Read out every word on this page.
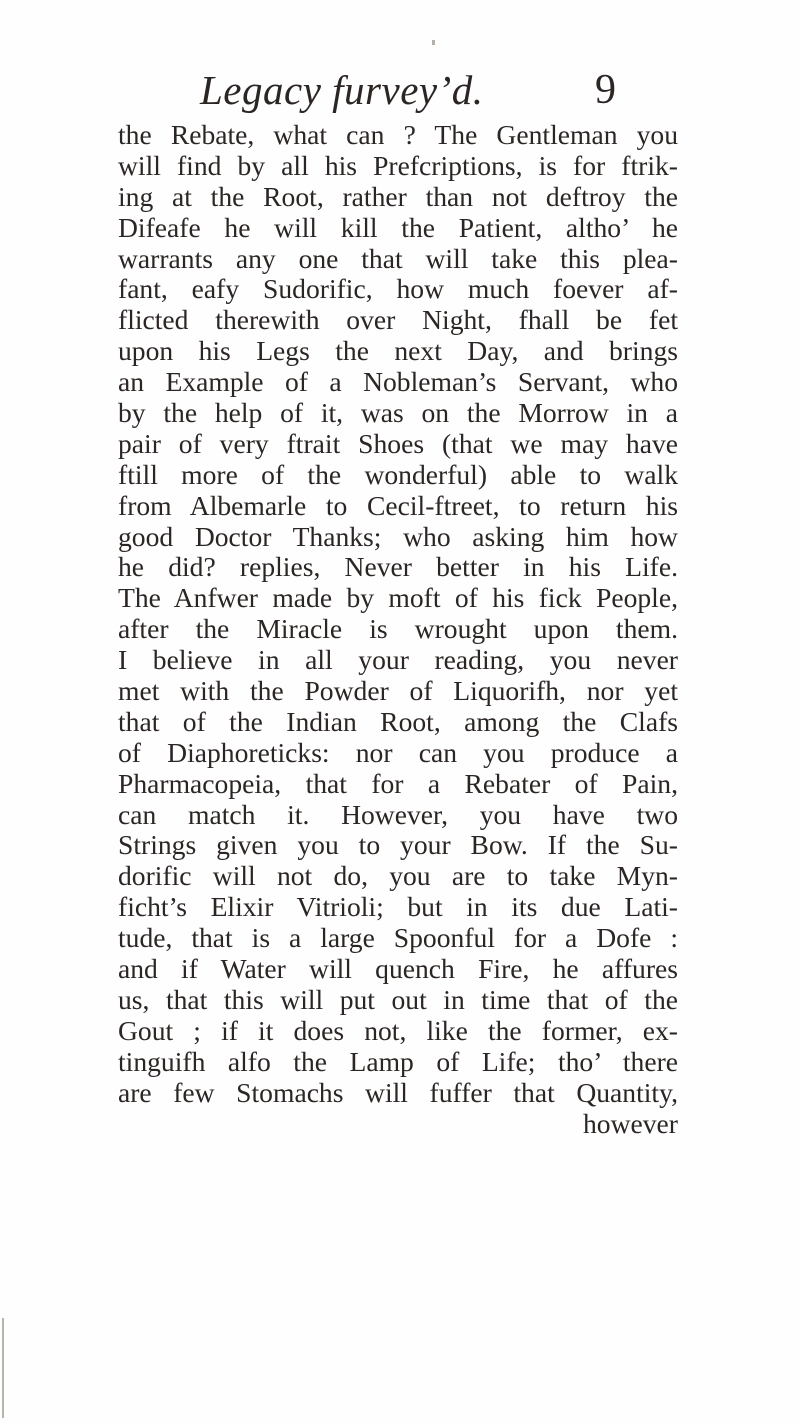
Legacy furvey’d.	9
the Rebate, what can ? The Gentleman you
will find by all his Prefcriptions, is for ftrik-
ing at the Root, rather than not deftroy the
Difeafe he will kill the Patient, altho’ he
warrants any one that will take this plea-
fant, eafy Sudorific, how much foever af-
flicted therewith over Night, fhall be fet
upon his Legs the next Day, and brings
an Example of a Nobleman’s Servant, who
by the help of it, was on the Morrow in a
pair of very ftrait Shoes (that we may have
ftill more of the wonderful) able to walk
from Albemarle to Cecil-ftreet, to return his
good Doctor Thanks; who asking him how
he did? replies, Never better in his Life.
The Anfwer made by moft of his fick People,
after the Miracle is wrought upon them.
I believe in all your reading, you never
met with the Powder of Liquorifh, nor yet
that of the Indian Root, among the Clafs
of Diaphoreticks: nor can you produce a
Pharmacopeia, that for a Rebater of Pain,
can match it. However, you have two
Strings given you to your Bow. If the Su-
dorific will not do, you are to take Myn-
ficht’s Elixir Vitrioli; but in its due Lati-
tude, that is a large Spoonful for a Dofe :
and if Water will quench Fire, he affures
us, that this will put out in time that of the
Gout ; if it does not, like the former, ex-
tinguifh alfo the Lamp of Life; tho’ there
are few Stomachs will fuffer that Quantity,
however
